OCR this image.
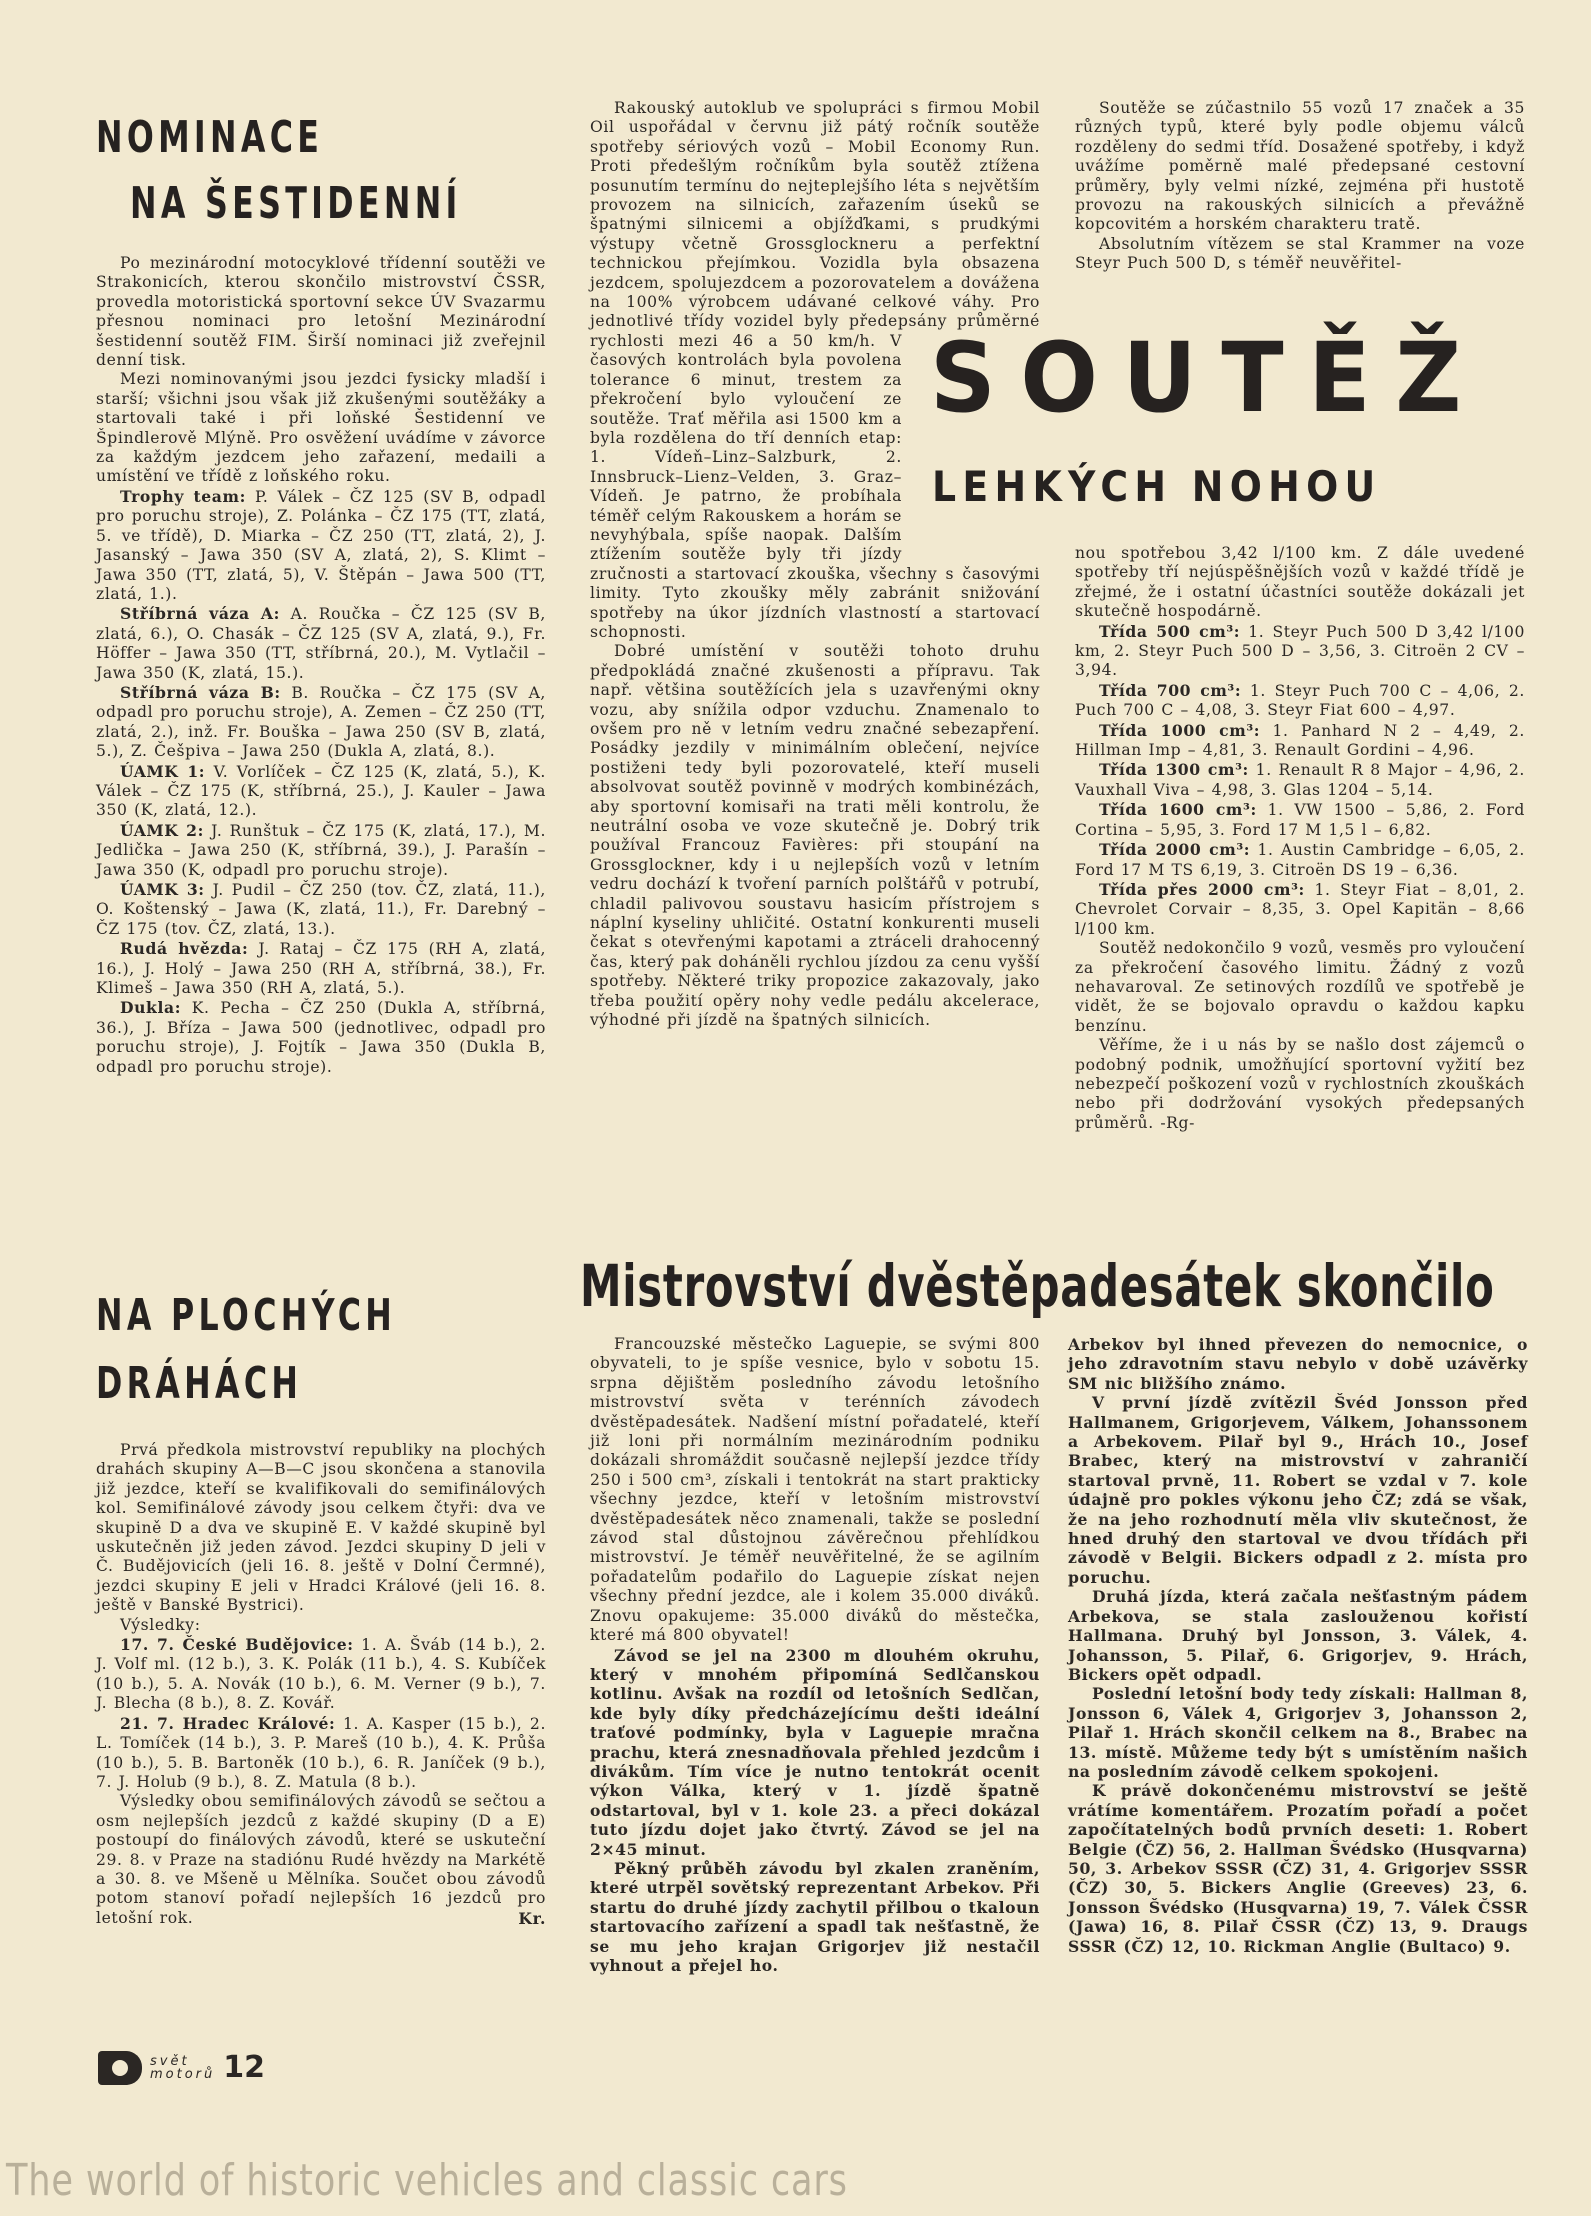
NOMINACE
NA ŠESTIDENNÍ

Po mezinárodní motocyklové třídenní soutěži ve Strakonicích, kterou skončilo mistrovství ČSSR, provedla motoristická sportovní sekce ÚV Svazarmu přesnou nominaci pro letošní Mezinárodní šestidenní soutěž FIM. Širší nominaci již zveřejnil denní tisk.

Mezi nominovanými jsou jezdci fysicky mladší i starší; všichni jsou však již zkušenými soutěžáky a startovali také i při loňské Šestidenní ve Špindlerově Mlýně. Pro osvěžení uvádíme v závorce za každým jezdcem jeho zařazení, medaili a umístění ve třídě z loňského roku.

Trophy team: P. Válek – ČZ 125 (SV B, odpadl pro poruchu stroje), Z. Polánka – ČZ 175 (TT, zlatá, 5. ve třídě), D. Miarka – ČZ 250 (TT, zlatá, 2), J. Jasanský – Jawa 350 (SV A, zlatá, 2), S. Klimt – Jawa 350 (TT, zlatá, 5), V. Štěpán – Jawa 500 (TT, zlatá, 1.).

Stříbrná váza A: A. Roučka – ČZ 125 (SV B, zlatá, 6.), O. Chasák – ČZ 125 (SV A, zlatá, 9.), Fr. Höffer – Jawa 350 (TT, stříbrná, 20.), M. Vytlačil – Jawa 350 (K, zlatá, 15.).

Stříbrná váza B: B. Roučka – ČZ 175 (SV A, odpadl pro poruchu stroje), A. Zemen – ČZ 250 (TT, zlatá, 2.), inž. Fr. Bouška – Jawa 250 (SV B, zlatá, 5.), Z. Češpiva – Jawa 250 (Dukla A, zlatá, 8.).

ÚAMK 1: V. Vorlíček – ČZ 125 (K, zlatá, 5.), K. Válek – ČZ 175 (K, stříbrná, 25.), J. Kauler – Jawa 350 (K, zlatá, 12.).

ÚAMK 2: J. Runštuk – ČZ 175 (K, zlatá, 17.), M. Jedlička – Jawa 250 (K, stříbrná, 39.), J. Parašín – Jawa 350 (K, odpadl pro poruchu stroje).

ÚAMK 3: J. Pudil – ČZ 250 (tov. ČZ, zlatá, 11.), O. Koštenský – Jawa (K, zlatá, 11.), Fr. Darebný – ČZ 175 (tov. ČZ, zlatá, 13.).

Rudá hvězda: J. Rataj – ČZ 175 (RH A, zlatá, 16.), J. Holý – Jawa 250 (RH A, stříbrná, 38.), Fr. Klimeš – Jawa 350 (RH A, zlatá, 5.).

Dukla: K. Pecha – ČZ 250 (Dukla A, stříbrná, 36.), J. Bříza – Jawa 500 (jednotlivec, odpadl pro poruchu stroje), J. Fojtík – Jawa 350 (Dukla B, odpadl pro poruchu stroje).

NA PLOCHÝCH
DRÁHÁCH

Prvá předkola mistrovství republiky na plochých drahách skupiny A—B—C jsou skončena a stanovila již jezdce, kteří se kvalifikovali do semifinálových kol. Semifinálové závody jsou celkem čtyři: dva ve skupině D a dva ve skupině E. V každé skupině byl uskutečněn již jeden závod. Jezdci skupiny D jeli v Č. Budějovicích (jeli 16. 8. ještě v Dolní Čermné), jezdci skupiny E jeli v Hradci Králové (jeli 16. 8. ještě v Banské Bystrici).

Výsledky:

17. 7. České Budějovice: 1. A. Šváb (14 b.), 2. J. Volf ml. (12 b.), 3. K. Polák (11 b.), 4. S. Kubíček (10 b.), 5. A. Novák (10 b.), 6. M. Verner (9 b.), 7. J. Blecha (8 b.), 8. Z. Kovář.

21. 7. Hradec Králové: 1. A. Kasper (15 b.), 2. L. Tomíček (14 b.), 3. P. Mareš (10 b.), 4. K. Průša (10 b.), 5. B. Bartoněk (10 b.), 6. R. Janíček (9 b.), 7. J. Holub (9 b.), 8. Z. Matula (8 b.).

Výsledky obou semifinálových závodů se sečtou a osm nejlepších jezdců z každé skupiny (D a E) postoupí do finálových závodů, které se uskuteční 29. 8. v Praze na stadiónu Rudé hvězdy na Markétě a 30. 8. ve Mšeně u Mělníka. Součet obou závodů potom stanoví pořadí nejlepších 16 jezdců pro letošní rok.	Kr.

Rakouský autoklub ve spolupráci s firmou Mobil Oil uspořádal v červnu již pátý ročník soutěže spotřeby sériových vozů – Mobil Economy Run. Proti předešlým ročníkům byla soutěž ztížena posunutím termínu do nejteplejšího léta s největším provozem na silnicích, zařazením úseků se špatnými silnicemi a objížďkami, s prudkými výstupy včetně Grossglockneru a perfektní technickou přejímkou. Vozidla byla obsazena jezdcem, spolujezdcem a pozorovatelem a dovážena na 100% výrobcem udávané celkové váhy. Pro jednotlivé třídy vozidel byly předepsány průměrné rychlosti mezi 46 a 50 km/h. V časových kontrolách byla povolena tolerance 6 minut, trestem za překročení bylo vyloučení ze soutěže. Trať měřila asi 1500 km a byla rozdělena do tří denních etap: 1. Vídeň–Linz–Salzburk, 2. Innsbruck–Lienz–Velden, 3. Graz–Vídeň. Je patrno, že probíhala téměř celým Rakouskem a horám se nevyhýbala, spíše naopak. Dalším ztížením soutěže byly tři jízdy zručnosti a startovací zkouška, všechny s časovými limity. Tyto zkoušky měly zabránit snižování spotřeby na úkor jízdních vlastností a startovací schopnosti.

Dobré umístění v soutěži tohoto druhu předpokládá značné zkušenosti a přípravu. Tak např. většina soutěžících jela s uzavřenými okny vozu, aby snížila odpor vzduchu. Znamenalo to ovšem pro ně v letním vedru značné sebezapření. Posádky jezdily v minimálním oblečení, nejvíce postiženi tedy byli pozorovatelé, kteří museli absolvovat soutěž povinně v modrých kombinézách, aby sportovní komisaři na trati měli kontrolu, že neutrální osoba ve voze skutečně je. Dobrý trik používal Francouz Favières: při stoupání na Grossglockner, kdy i u nejlepších vozů v letním vedru dochází k tvoření parních polštářů v potrubí, chladil palivovou soustavu hasicím přístrojem s náplní kyseliny uhličité. Ostatní konkurenti museli čekat s otevřenými kapotami a ztráceli drahocenný čas, který pak doháněli rychlou jízdou za cenu vyšší spotřeby. Některé triky propozice zakazovaly, jako třeba použití opěry nohy vedle pedálu akcelerace, výhodné při jízdě na špatných silnicích.

Soutěže se zúčastnilo 55 vozů 17 značek a 35 různých typů, které byly podle objemu válců rozděleny do sedmi tříd. Dosažené spotřeby, i když uvážíme poměrně malé předepsané cestovní průměry, byly velmi nízké, zejména při hustotě provozu na rakouských silnicích a převážně kopcovitém a horském charakteru tratě.

Absolutním vítězem se stal Krammer na voze Steyr Puch 500 D, s téměř neuvěřitel-

SOUTĚŽ
LEHKÝCH NOHOU

nou spotřebou 3,42 l/100 km. Z dále uvedené spotřeby tří nejúspěšnějších vozů v každé třídě je zřejmé, že i ostatní účastníci soutěže dokázali jet skutečně hospodárně.

Třída 500 cm³: 1. Steyr Puch 500 D 3,42 l/100 km, 2. Steyr Puch 500 D – 3,56, 3. Citroën 2 CV – 3,94.

Třída 700 cm³: 1. Steyr Puch 700 C – 4,06, 2. Puch 700 C – 4,08, 3. Steyr Fiat 600 – 4,97.

Třída 1000 cm³: 1. Panhard N 2 – 4,49, 2. Hillman Imp – 4,81, 3. Renault Gordini – 4,96.

Třída 1300 cm³: 1. Renault R 8 Major – 4,96, 2. Vauxhall Viva – 4,98, 3. Glas 1204 – 5,14.

Třída 1600 cm³: 1. VW 1500 – 5,86, 2. Ford Cortina – 5,95, 3. Ford 17 M 1,5 l – 6,82.

Třída 2000 cm³: 1. Austin Cambridge – 6,05, 2. Ford 17 M TS 6,19, 3. Citroën DS 19 – 6,36.

Třída přes 2000 cm³: 1. Steyr Fiat – 8,01, 2. Chevrolet Corvair – 8,35, 3. Opel Kapitän – 8,66 l/100 km.

Soutěž nedokončilo 9 vozů, vesměs pro vyloučení za překročení časového limitu. Žádný z vozů nehavaroval. Ze setinových rozdílů ve spotřebě je vidět, že se bojovalo opravdu o každou kapku benzínu.

Věříme, že i u nás by se našlo dost zájemců o podobný podnik, umožňující sportovní vyžití bez nebezpečí poškození vozů v rychlostních zkouškách nebo při dodržování vysokých předepsaných průměrů. -Rg-

Mistrovství dvěstěpadesátek skončilo

Francouzské městečko Laguepie, se svými 800 obyvateli, to je spíše vesnice, bylo v sobotu 15. srpna dějištěm posledního závodu letošního mistrovství světa v terénních závodech dvěstěpadesátek. Nadšení místní pořadatelé, kteří již loni při normálním mezinárodním podniku dokázali shromáždit současně nejlepší jezdce třídy 250 i 500 cm³, získali i tentokrát na start prakticky všechny jezdce, kteří v letošním mistrovství dvěstěpadesátek něco znamenali, takže se poslední závod stal důstojnou závěrečnou přehlídkou mistrovství. Je téměř neuvěřitelné, že se agilním pořadatelům podařilo do Laguepie získat nejen všechny přední jezdce, ale i kolem 35.000 diváků. Znovu opakujeme: 35.000 diváků do městečka, které má 800 obyvatel!

Závod se jel na 2300 m dlouhém okruhu, který v mnohém připomíná Sedlčanskou kotlinu. Avšak na rozdíl od letošních Sedlčan, kde byly díky předcházejícímu dešti ideální traťové podmínky, byla v Laguepie mračna prachu, která znesnadňovala přehled jezdcům i divákům. Tím více je nutno tentokrát ocenit výkon Válka, který v 1. jízdě špatně odstartoval, byl v 1. kole 23. a přeci dokázal tuto jízdu dojet jako čtvrtý. Závod se jel na 2×45 minut.

Pěkný průběh závodu byl zkalen zraněním, které utrpěl sovětský reprezentant Arbekov. Při startu do druhé jízdy zachytil přilbou o tkaloun startovacího zařízení a spadl tak nešťastně, že se mu jeho krajan Grigorjev již nestačil vyhnout a přejel ho.

Arbekov byl ihned převezen do nemocnice, o jeho zdravotním stavu nebylo v době uzávěrky SM nic bližšího známo.

V první jízdě zvítězil Švéd Jonsson před Hallmanem, Grigorjevem, Válkem, Johanssonem a Arbekovem. Pilař byl 9., Hrách 10., Josef Brabec, který na mistrovství v zahraničí startoval prvně, 11. Robert se vzdal v 7. kole údajně pro pokles výkonu jeho ČZ; zdá se však, že na jeho rozhodnutí měla vliv skutečnost, že hned druhý den startoval ve dvou třídách při závodě v Belgii. Bickers odpadl z 2. místa pro poruchu.

Druhá jízda, která začala nešťastným pádem Arbekova, se stala zaslouženou kořistí Hallmana. Druhý byl Jonsson, 3. Válek, 4. Johansson, 5. Pilař, 6. Grigorjev, 9. Hrách, Bickers opět odpadl.

Poslední letošní body tedy získali: Hallman 8, Jonsson 6, Válek 4, Grigorjev 3, Johansson 2, Pilař 1. Hrách skončil celkem na 8., Brabec na 13. místě. Můžeme tedy být s umístěním našich na posledním závodě celkem spokojeni.

K právě dokončenému mistrovství se ještě vrátíme komentářem. Prozatím pořadí a počet započítatelných bodů prvních deseti: 1. Robert Belgie (ČZ) 56, 2. Hallman Švédsko (Husqvarna) 50, 3. Arbekov SSSR (ČZ) 31, 4. Grigorjev SSSR (ČZ) 30, 5. Bickers Anglie (Greeves) 23, 6. Jonsson Švédsko (Husqvarna) 19, 7. Válek ČSSR (Jawa) 16, 8. Pilař ČSSR (ČZ) 13, 9. Draugs SSSR (ČZ) 12, 10. Rickman Anglie (Bultaco) 9.

svět
motorů 12
The world of historic vehicles and classic cars
